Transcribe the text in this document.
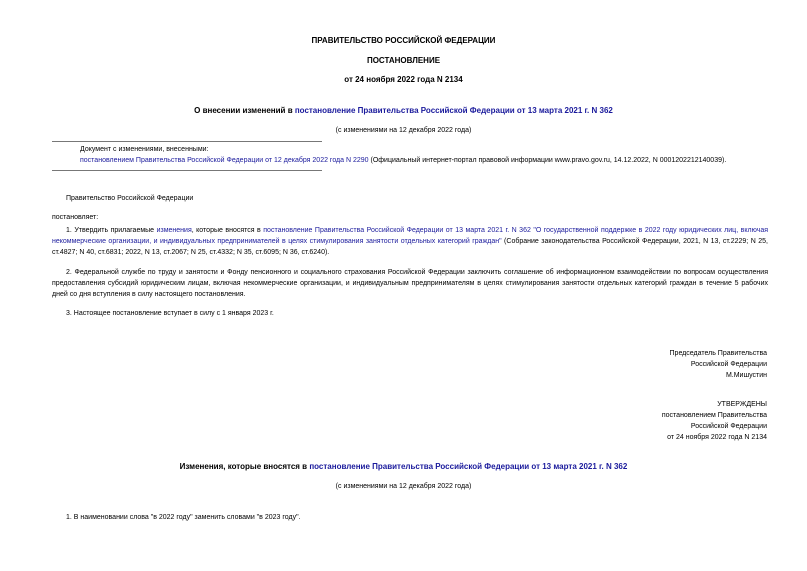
ПРАВИТЕЛЬСТВО РОССИЙСКОЙ ФЕДЕРАЦИИ
ПОСТАНОВЛЕНИЕ
от 24 ноября 2022 года N 2134
О внесении изменений в постановление Правительства Российской Федерации от 13 марта 2021 г. N 362
(с изменениями на 12 декабря 2022 года)
Документ с изменениями, внесенными:
постановлением Правительства Российской Федерации от 12 декабря 2022 года N 2290 (Официальный интернет-портал правовой информации www.pravo.gov.ru, 14.12.2022, N 0001202212140039).
Правительство Российской Федерации
постановляет:
1. Утвердить прилагаемые изменения, которые вносятся в постановление Правительства Российской Федерации от 13 марта 2021 г. N 362 "О государственной поддержке в 2022 году юридических лиц, включая некоммерческие организации, и индивидуальных предпринимателей в целях стимулирования занятости отдельных категорий граждан" (Собрание законодательства Российской Федерации, 2021, N 13, ст.2229; N 25, ст.4827; N 40, ст.6831; 2022, N 13, ст.2067; N 25, ст.4332; N 35, ст.6095; N 36, ст.6240).
2. Федеральной службе по труду и занятости и Фонду пенсионного и социального страхования Российской Федерации заключить соглашение об информационном взаимодействии по вопросам осуществления предоставления субсидий юридическим лицам, включая некоммерческие организации, и индивидуальным предпринимателям в целях стимулирования занятости отдельных категорий граждан в течение 5 рабочих дней со дня вступления в силу настоящего постановления.
3. Настоящее постановление вступает в силу с 1 января 2023 г.
Председатель Правительства
Российской Федерации
М.Мишустин
УТВЕРЖДЕНЫ
постановлением Правительства
Российской Федерации
от 24 ноября 2022 года N 2134
Изменения, которые вносятся в постановление Правительства Российской Федерации от 13 марта 2021 г. N 362
(с изменениями на 12 декабря 2022 года)
1. В наименовании слова "в 2022 году" заменить словами "в 2023 году".
